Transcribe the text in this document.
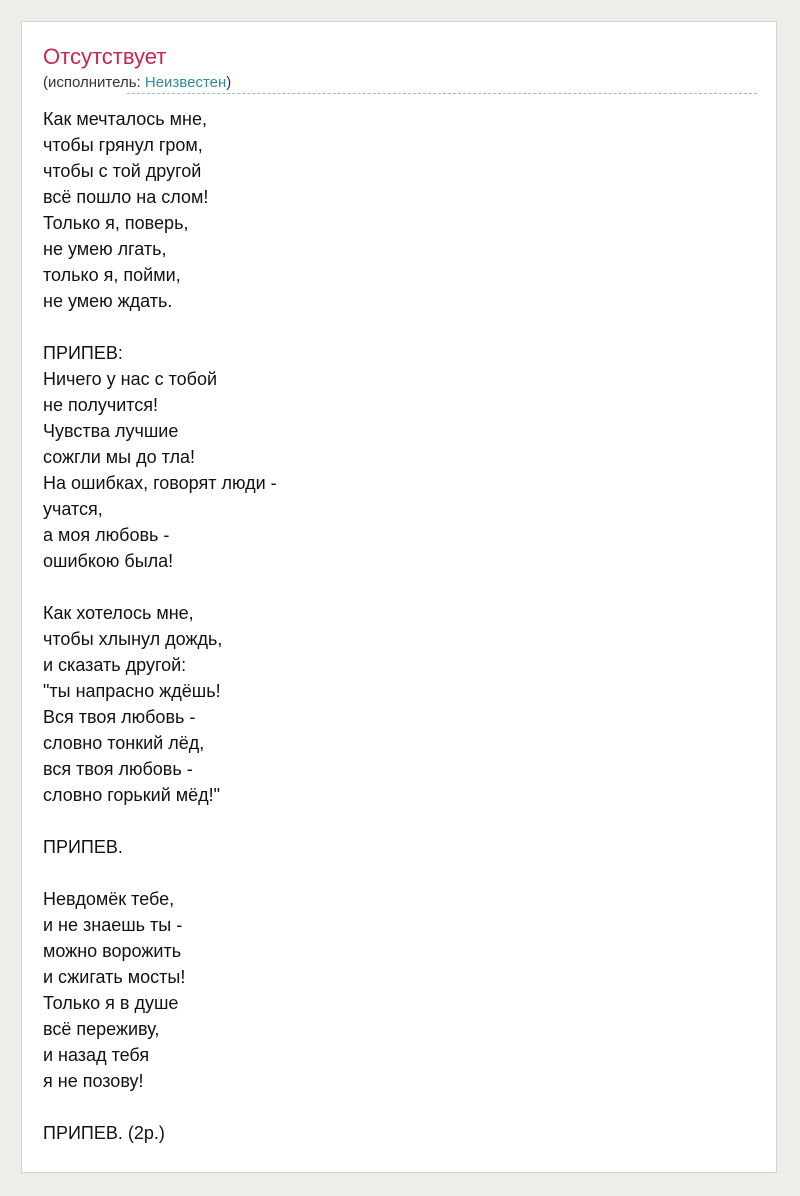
Отсутствует
(исполнитель: Неизвестен)
Как мечталось мне,
чтобы грянул гром,
чтобы с той другой
всё пошло на слом!
Только я, поверь,
не умею лгать,
только я, пойми,
не умею ждать.
ПРИПЕВ:
Ничего у нас с тобой
не получится!
Чувства лучшие
сожгли мы до тла!
На ошибках, говорят люди -
учатся,
а моя любовь -
ошибкою была!
Как хотелось мне,
чтобы хлынул дождь,
и сказать другой:
"ты напрасно ждёшь!
Вся твоя любовь -
словно тонкий лёд,
вся твоя любовь -
словно горький мёд!"
ПРИПЕВ.
Невдомёк тебе,
и не знаешь ты -
можно ворожить
и сжигать мосты!
Только я в душе
всё переживу,
и назад тебя
я не позову!
ПРИПЕВ. (2р.)
